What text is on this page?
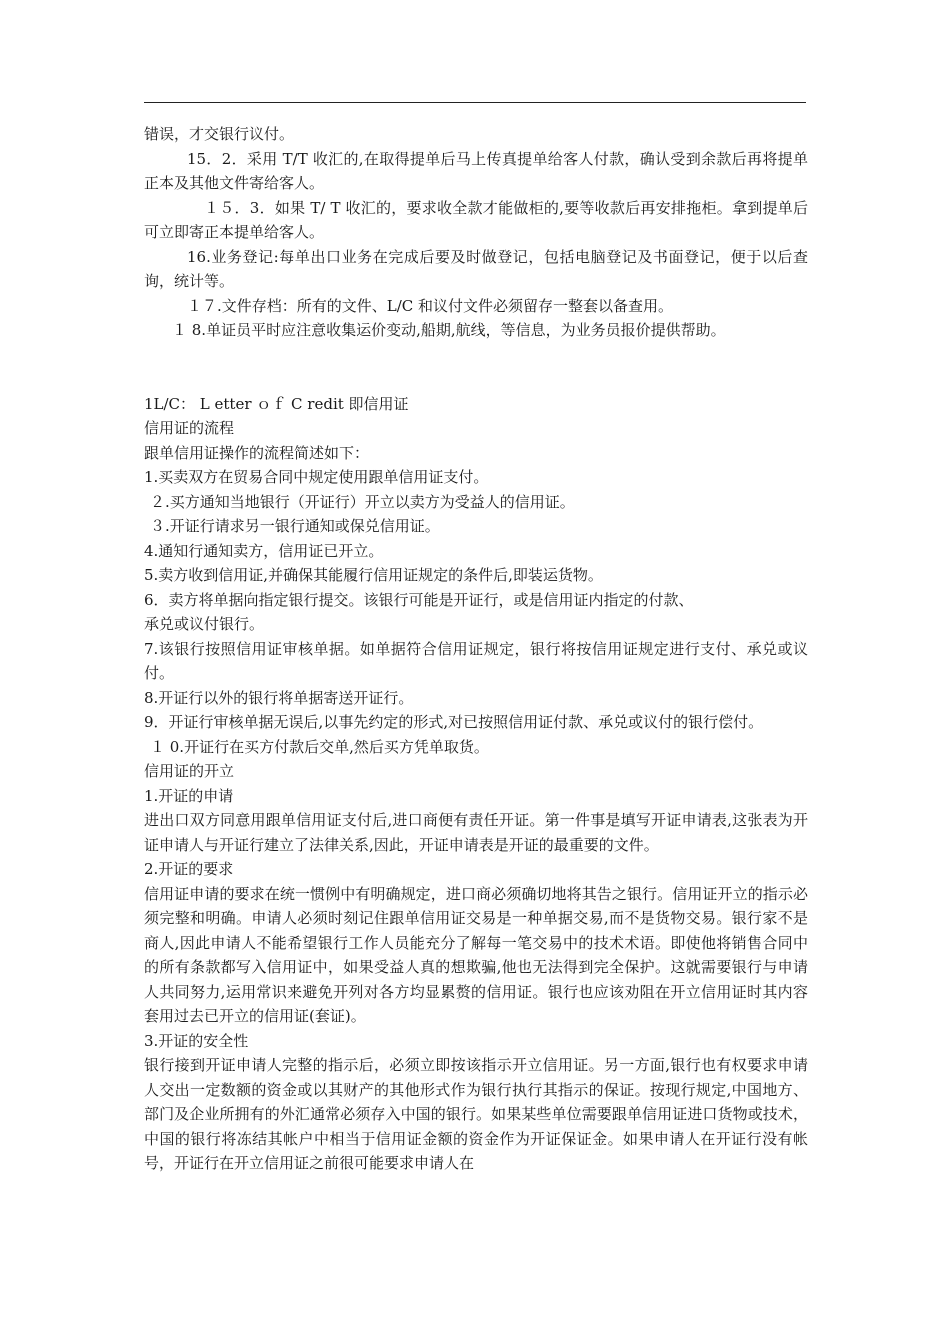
错误，才交银行议付。

15．2．采用 T/T 收汇的,在取得提单后马上传真提单给客人付款，确认受到余款后再将提单正本及其他文件寄给客人。

１５．3．如果 T/ T 收汇的，要求收全款才能做柜的,要等收款后再安排拖柜。拿到提单后可立即寄正本提单给客人。

16.业务登记:每单出口业务在完成后要及时做登记，包括电脑登记及书面登记，便于以后查询，统计等。

１７.文件存档：所有的文件、L/C 和议付文件必须留存一整套以备查用。

１ 8.单证员平时应注意收集运价变动,船期,航线，等信息，为业务员报价提供帮助。

1L/C： L etter ｏｆ C redit 即信用证

信用证的流程

跟单信用证操作的流程简述如下：

1.买卖双方在贸易合同中规定使用跟单信用证支付。

２.买方通知当地银行（开证行）开立以卖方为受益人的信用证。

３.开证行请求另一银行通知或保兑信用证。

4.通知行通知卖方，信用证已开立。

5.卖方收到信用证,并确保其能履行信用证规定的条件后,即装运货物。

6．卖方将单据向指定银行提交。该银行可能是开证行，或是信用证内指定的付款、

承兑或议付银行。

7.该银行按照信用证审核单据。如单据符合信用证规定，银行将按信用证规定进行支付、承兑或议付。

8.开证行以外的银行将单据寄送开证行。

9．开证行审核单据无误后,以事先约定的形式,对已按照信用证付款、承兑或议付的银行偿付。

１ 0.开证行在买方付款后交单,然后买方凭单取货。

信用证的开立

1.开证的申请

进出口双方同意用跟单信用证支付后,进口商便有责任开证。第一件事是填写开证申请表,这张表为开证申请人与开证行建立了法律关系,因此，开证申请表是开证的最重要的文件。

2.开证的要求

信用证申请的要求在统一惯例中有明确规定，进口商必须确切地将其告之银行。信用证开立的指示必须完整和明确。申请人必须时刻记住跟单信用证交易是一种单据交易,而不是货物交易。银行家不是商人,因此申请人不能希望银行工作人员能充分了解每一笔交易中的技术术语。即使他将销售合同中的所有条款都写入信用证中，如果受益人真的想欺骗,他也无法得到完全保护。这就需要银行与申请人共同努力,运用常识来避免开列对各方均显累赘的信用证。银行也应该劝阻在开立信用证时其内容套用过去已开立的信用证(套证)。

3.开证的安全性

银行接到开证申请人完整的指示后，必须立即按该指示开立信用证。另一方面,银行也有权要求申请人交出一定数额的资金或以其财产的其他形式作为银行执行其指示的保证。按现行规定,中国地方、部门及企业所拥有的外汇通常必须存入中国的银行。如果某些单位需要跟单信用证进口货物或技术，中国的银行将冻结其帐户中相当于信用证金额的资金作为开证保证金。如果申请人在开证行没有帐号，开证行在开立信用证之前很可能要求申请人在
